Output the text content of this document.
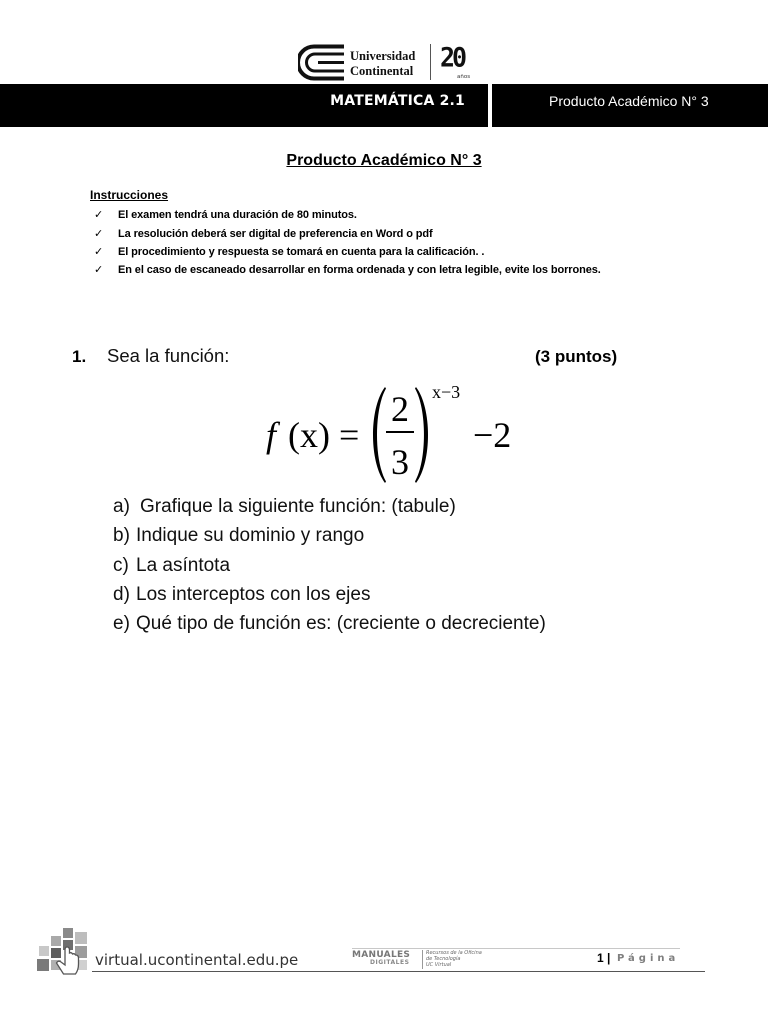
Universidad
Continental 20
años
MATEMÁTICA 2.1	Producto Académico N° 3
Producto Académico N° 3
Instrucciones
✓
El examen tendrá una duración de 80 minutos.
✓
La resolución deberá ser digital de preferencia en Word o pdf
✓
El procedimiento y respuesta se tomará en cuenta para la calificación. .
✓
En el caso de escaneado desarrollar en forma ordenada y con letra legible, evite los borrones.
1. Sea la función:	(3 puntos)
f (x) =
2
3
x−3
−2
a) Grafique la siguiente función: (tabule)
b) Indique su dominio y rango
c) La asíntota
d) Los interceptos con los ejes
e) Qué tipo de función es: (creciente o decreciente)
virtual.ucontinental.edu.pe	MANUALES
DIGITALES
Recursos de la Oficina
de Tecnología
UC Virtual	1 | Página
